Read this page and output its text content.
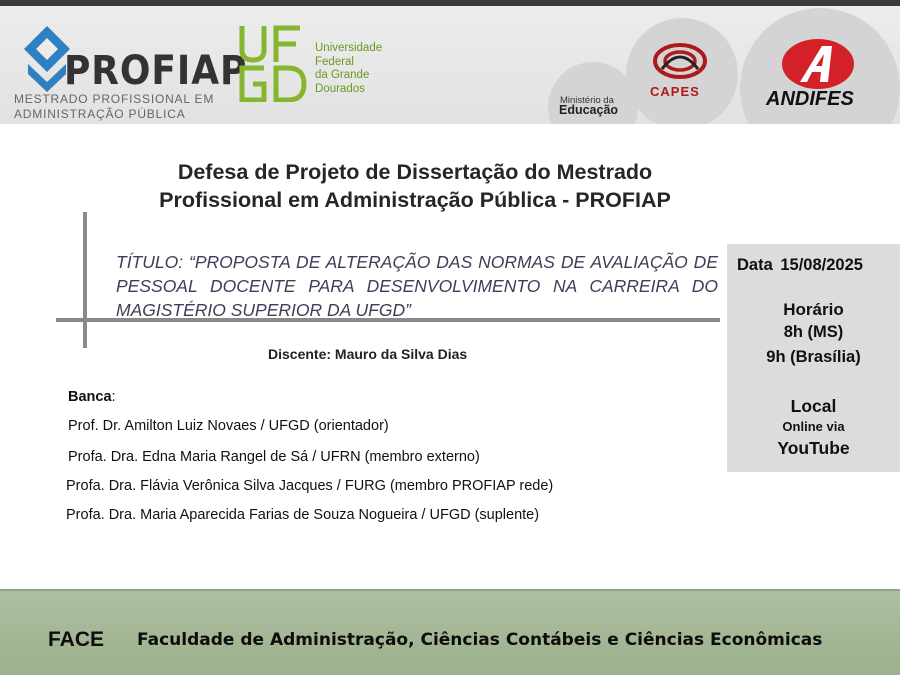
PROFIAP
MESTRADO PROFISSIONAL EM
ADMINISTRAÇÃO PÚBLICA
Universidade
Federal
da Grande
Dourados
Ministério da
Educação
CAPES	ANDIFES
Defesa de Projeto de Dissertação do Mestrado
Profissional em Administração Pública - PROFIAP
TÍTULO: “PROPOSTA DE ALTERAÇÃO DAS NORMAS DE AVALIAÇÃO DE PESSOAL DOCENTE PARA DESENVOLVIMENTO NA CARREIRA DO MAGISTÉRIO SUPERIOR DA UFGD”
Discente: Mauro da Silva Dias
Data 15/08/2025
Horário
8h (MS)
9h (Brasília)
Local
Online via
YouTube
Banca:
Prof. Dr. Amilton Luiz Novaes / UFGD (orientador)
Profa. Dra. Edna Maria Rangel de Sá / UFRN (membro externo)
Profa. Dra. Flávia Verônica Silva Jacques / FURG (membro PROFIAP rede)
Profa. Dra. Maria Aparecida Farias de Souza Nogueira / UFGD (suplente)
FACE Faculdade de Administração, Ciências Contábeis e Ciências Econômicas
